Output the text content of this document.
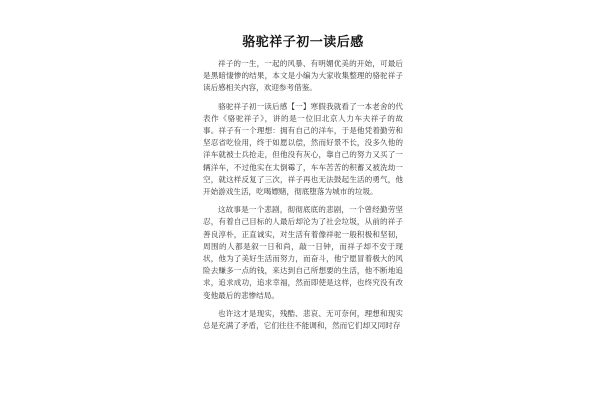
骆驼祥子初一读后感

祥子的一生，一起的风暴、有明媚优美的开始，可最后是黑暗悽惨的结果，本文是小编为大家收集整理的骆驼祥子读后感相关内容，欢迎参考借鉴。

骆驼祥子初一读后感【一】寒假我就看了一本老舍的代表作《骆驼祥子》，讲的是一位旧北京人力车夫祥子的故事。祥子有一个理想：拥有自己的洋车，于是他凭着勤劳和坚忍省吃俭用，终于如愿以偿，然而好景不长，没多久他的洋车就被士兵抢走，但他没有灰心，靠自己的努力又买了一辆洋车，不过他实在太倒霉了，车车苦苦的积蓄又被洗劫一空，就这样反复了三次，祥子再也无法鼓起生活的勇气，他开始游戏生活，吃喝嫖赌，彻底堕落为城市的垃圾。

这故事是一个悲剧，彻彻底底的悲剧，一个曾经勤劳坚忍，有着自己目标的人最后却沦为了社会垃圾，从前的祥子善良淳朴，正直诚实，对生活有着像祥驼一般积极和坚韧，周围的人都是叙一日和尚，敲一日钟，而祥子却不安于现状，他为了美好生活而努力，而奋斗，他宁愿冒着极大的风险去赚多一点的钱，来达到自己所想要的生活，他不断地追求，追求成功，追求幸福，然而即使是这样，也终究没有改变他最后的悲惨结局。

也许这才是现实，残酷、悲哀、无可奈何，理想和现实总是充满了矛盾，它们往往不能调和，然而它们却又同时存
